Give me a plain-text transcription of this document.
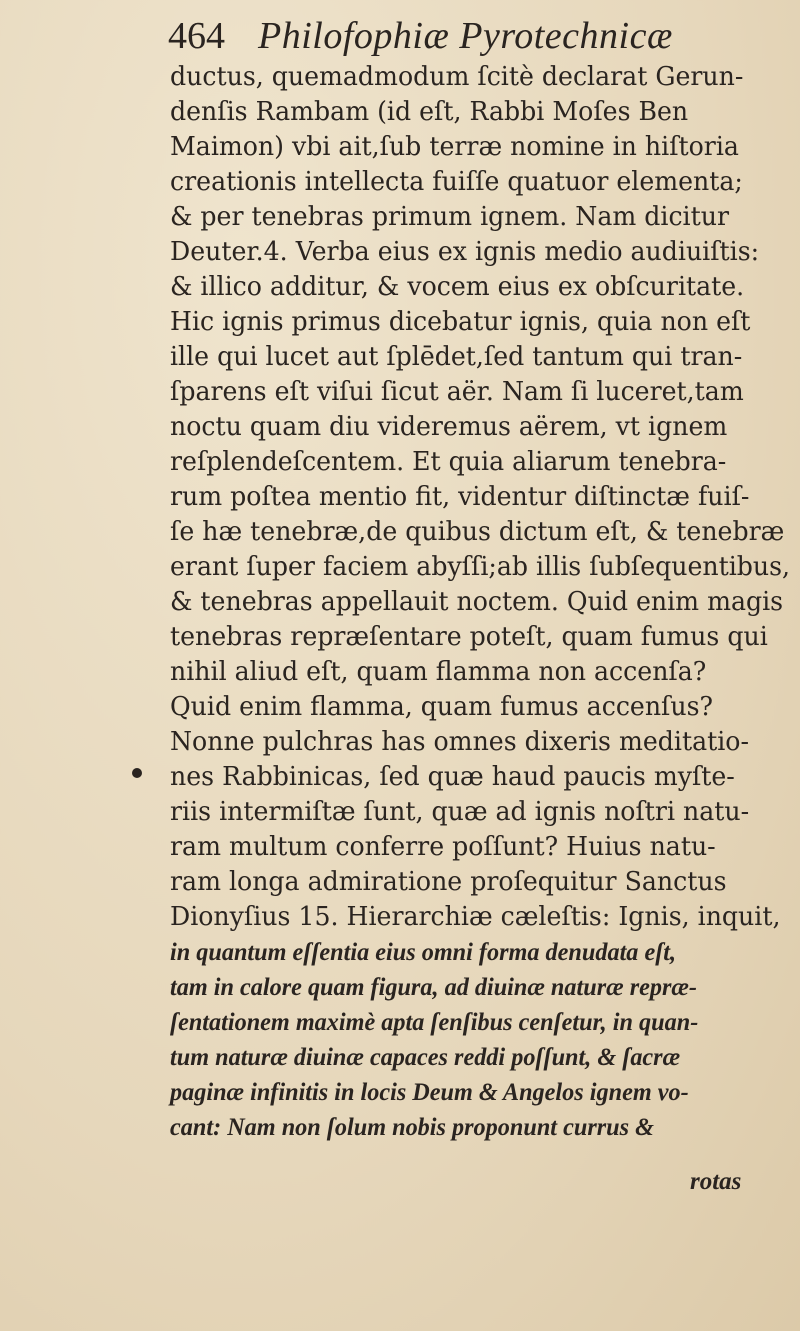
464 Philofophiæ Pyrotechnicæ
ductus, quemadmodum ſcitè declarat Gerun-
denſis Rambam (id eſt, Rabbi Moſes Ben
Maimon) vbi ait,ſub terræ nomine in hiſtoria
creationis intellecta fuiſſe quatuor elementa;
& per tenebras primum ignem. Nam dicitur
Deuter.4. Verba eius ex ignis medio audiuiſtis:
& illico additur, & vocem eius ex obſcuritate.
Hic ignis primus dicebatur ignis, quia non eſt
ille qui lucet aut ſplēdet,ſed tantum qui tran-
ſparens eſt viſui ſicut aër. Nam ſi luceret,tam
noctu quam diu videremus aërem, vt ignem
reſplendeſcentem. Et quia aliarum tenebra-
rum poſtea mentio fit, videntur diſtinctæ fuiſ-
ſe hæ tenebræ,de quibus dictum eſt, & tenebræ
erant ſuper faciem abyſſi;ab illis ſubſequentibus,
& tenebras appellauit noctem. Quid enim magis
tenebras repræſentare poteſt, quam fumus qui
nihil aliud eſt, quam flamma non accenſa?
Quid enim flamma, quam fumus accenſus?
Nonne pulchras has omnes dixeris meditatio-
nes Rabbinicas, ſed quæ haud paucis myſte-
riis intermiſtæ ſunt, quæ ad ignis noſtri natu-
ram multum conferre poſſunt? Huius natu-
ram longa admiratione proſequitur Sanctus
Dionyſius 15. Hierarchiæ cæleſtis: Ignis, inquit,
in quantum eſſentia eius omni forma denudata eſt,
tam in calore quam figura, ad diuinæ naturæ repræ-
ſentationem maximè apta ſenſibus cenſetur, in quan-
tum naturæ diuinæ capaces reddi poſſunt, & ſacræ
paginæ infinitis in locis Deum & Angelos ignem vo-
cant: Nam non ſolum nobis proponunt currus &
rotas
